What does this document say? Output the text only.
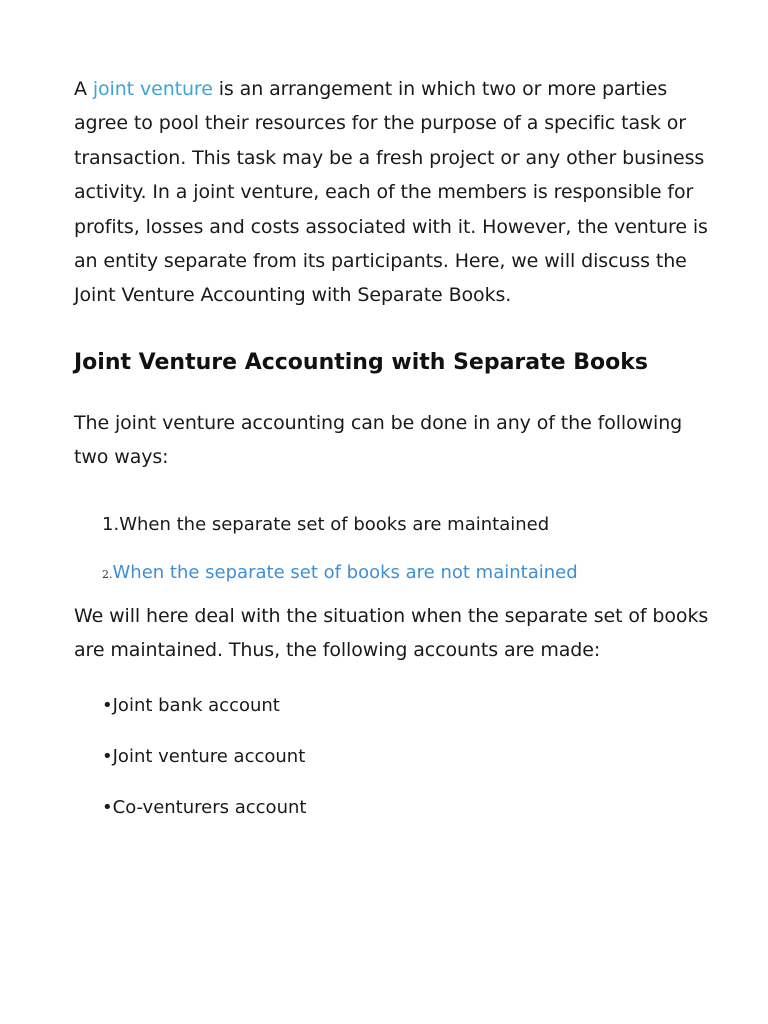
A joint venture is an arrangement in which two or more parties agree to pool their resources for the purpose of a specific task or transaction. This task may be a fresh project or any other business activity. In a joint venture, each of the members is responsible for profits, losses and costs associated with it. However, the venture is an entity separate from its participants. Here, we will discuss the Joint Venture Accounting with Separate Books.

Joint Venture Accounting with Separate Books

The joint venture accounting can be done in any of the following two ways:

1.When the separate set of books are maintained
2.When the separate set of books are not maintained

We will here deal with the situation when the separate set of books are maintained. Thus, the following accounts are made:

•Joint bank account
•Joint venture account
•Co-venturers account
